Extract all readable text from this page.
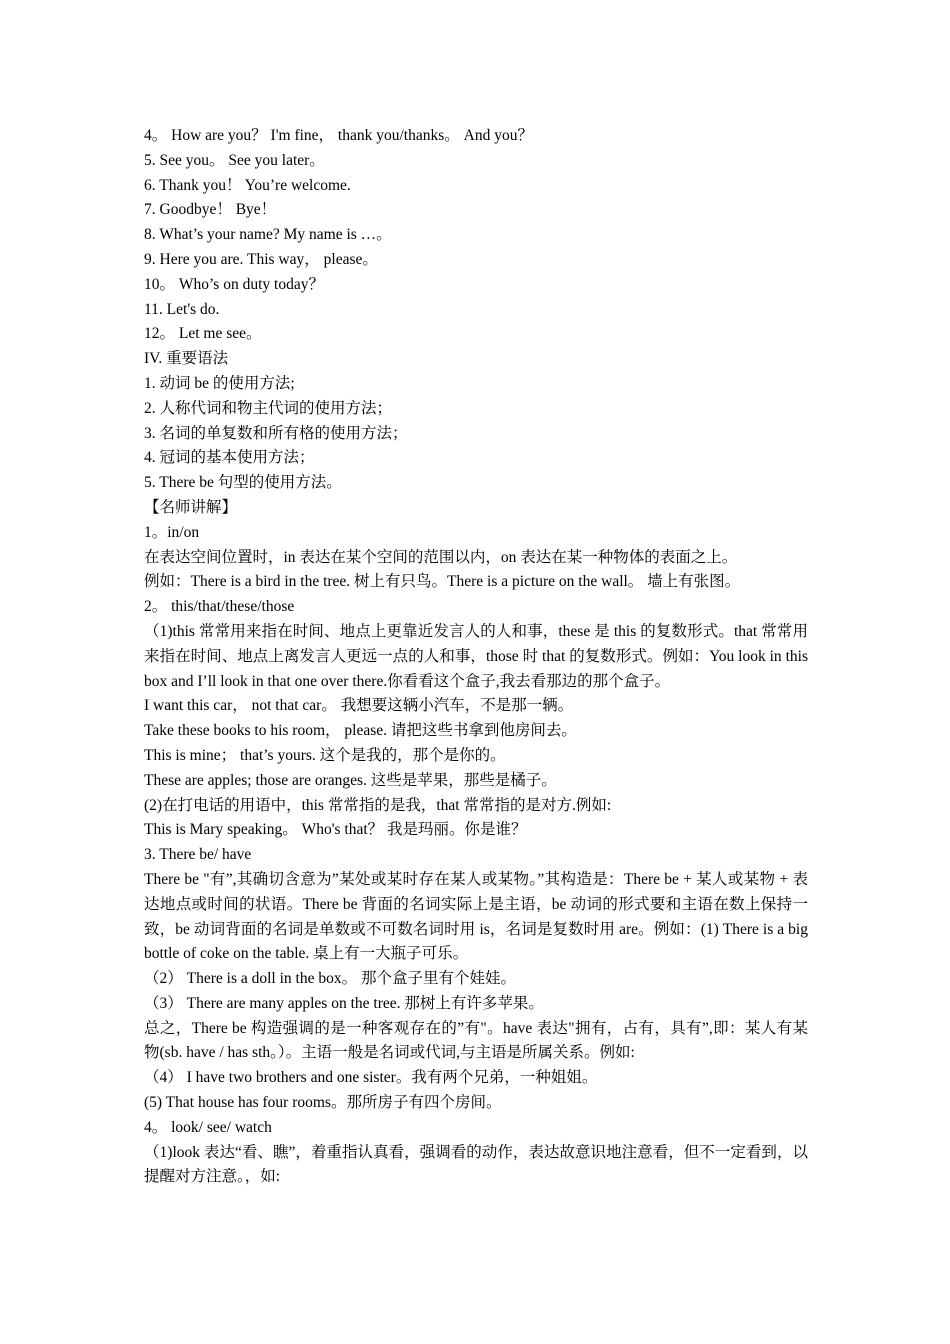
4。 How are you？ I'm fine， thank you/thanks。 And you？
5. See you。 See you later。
6. Thank you！ You’re welcome.
7. Goodbye！ Bye！
8. What’s your name? My name is …。
9. Here you are. This way， please。
10。 Who’s on duty today？
11. Let's do.
12。 Let me see。
IV. 重要语法
1. 动词 be 的使用方法;
2. 人称代词和物主代词的使用方法；
3. 名词的单复数和所有格的使用方法；
4. 冠词的基本使用方法；
5. There be 句型的使用方法。
【名师讲解】
1。in/on
在表达空间位置时，in 表达在某个空间的范围以内，on 表达在某一种物体的表面之上。
例如：There is a bird in the tree. 树上有只鸟。There is a picture on the wall。 墙上有张图。
2。 this/that/these/those
（1)this 常常用来指在时间、地点上更靠近发言人的人和事，these 是 this 的复数形式。that 常常用来指在时间、地点上离发言人更远一点的人和事，those 时 that 的复数形式。例如：You look in this box and I’ll look in that one over there.你看看这个盒子,我去看那边的那个盒子。
I want this car， not that car。 我想要这辆小汽车，不是那一辆。
Take these books to his room， please. 请把这些书拿到他房间去。
This is mine； that’s yours. 这个是我的，那个是你的。
These are apples; those are oranges. 这些是苹果，那些是橘子。
(2)在打电话的用语中，this 常常指的是我，that 常常指的是对方.例如:
This is Mary speaking。 Who's that？ 我是玛丽。你是谁？
3. There be/ have
There be "有”,其确切含意为”某处或某时存在某人或某物。”其构造是：There be + 某人或某物 + 表达地点或时间的状语。There be 背面的名词实际上是主语，be 动词的形式要和主语在数上保持一致，be 动词背面的名词是单数或不可数名词时用 is，名词是复数时用 are。例如：(1) There is a big bottle of coke on the table. 桌上有一大瓶子可乐。
（2） There is a doll in the box。 那个盒子里有个娃娃。
（3） There are many apples on the tree. 那树上有许多苹果。
总之，There be 构造强调的是一种客观存在的”有"。have 表达"拥有，占有，具有”,即：某人有某物(sb. have / has sth。）。主语一般是名词或代词,与主语是所属关系。例如:
（4） I have two brothers and one sister。我有两个兄弟，一种姐姐。
(5) That house has four rooms。那所房子有四个房间。
4。 look/ see/ watch
（1)look 表达“看、瞧”，着重指认真看，强调看的动作，表达故意识地注意看，但不一定看到，以提醒对方注意。，如:
